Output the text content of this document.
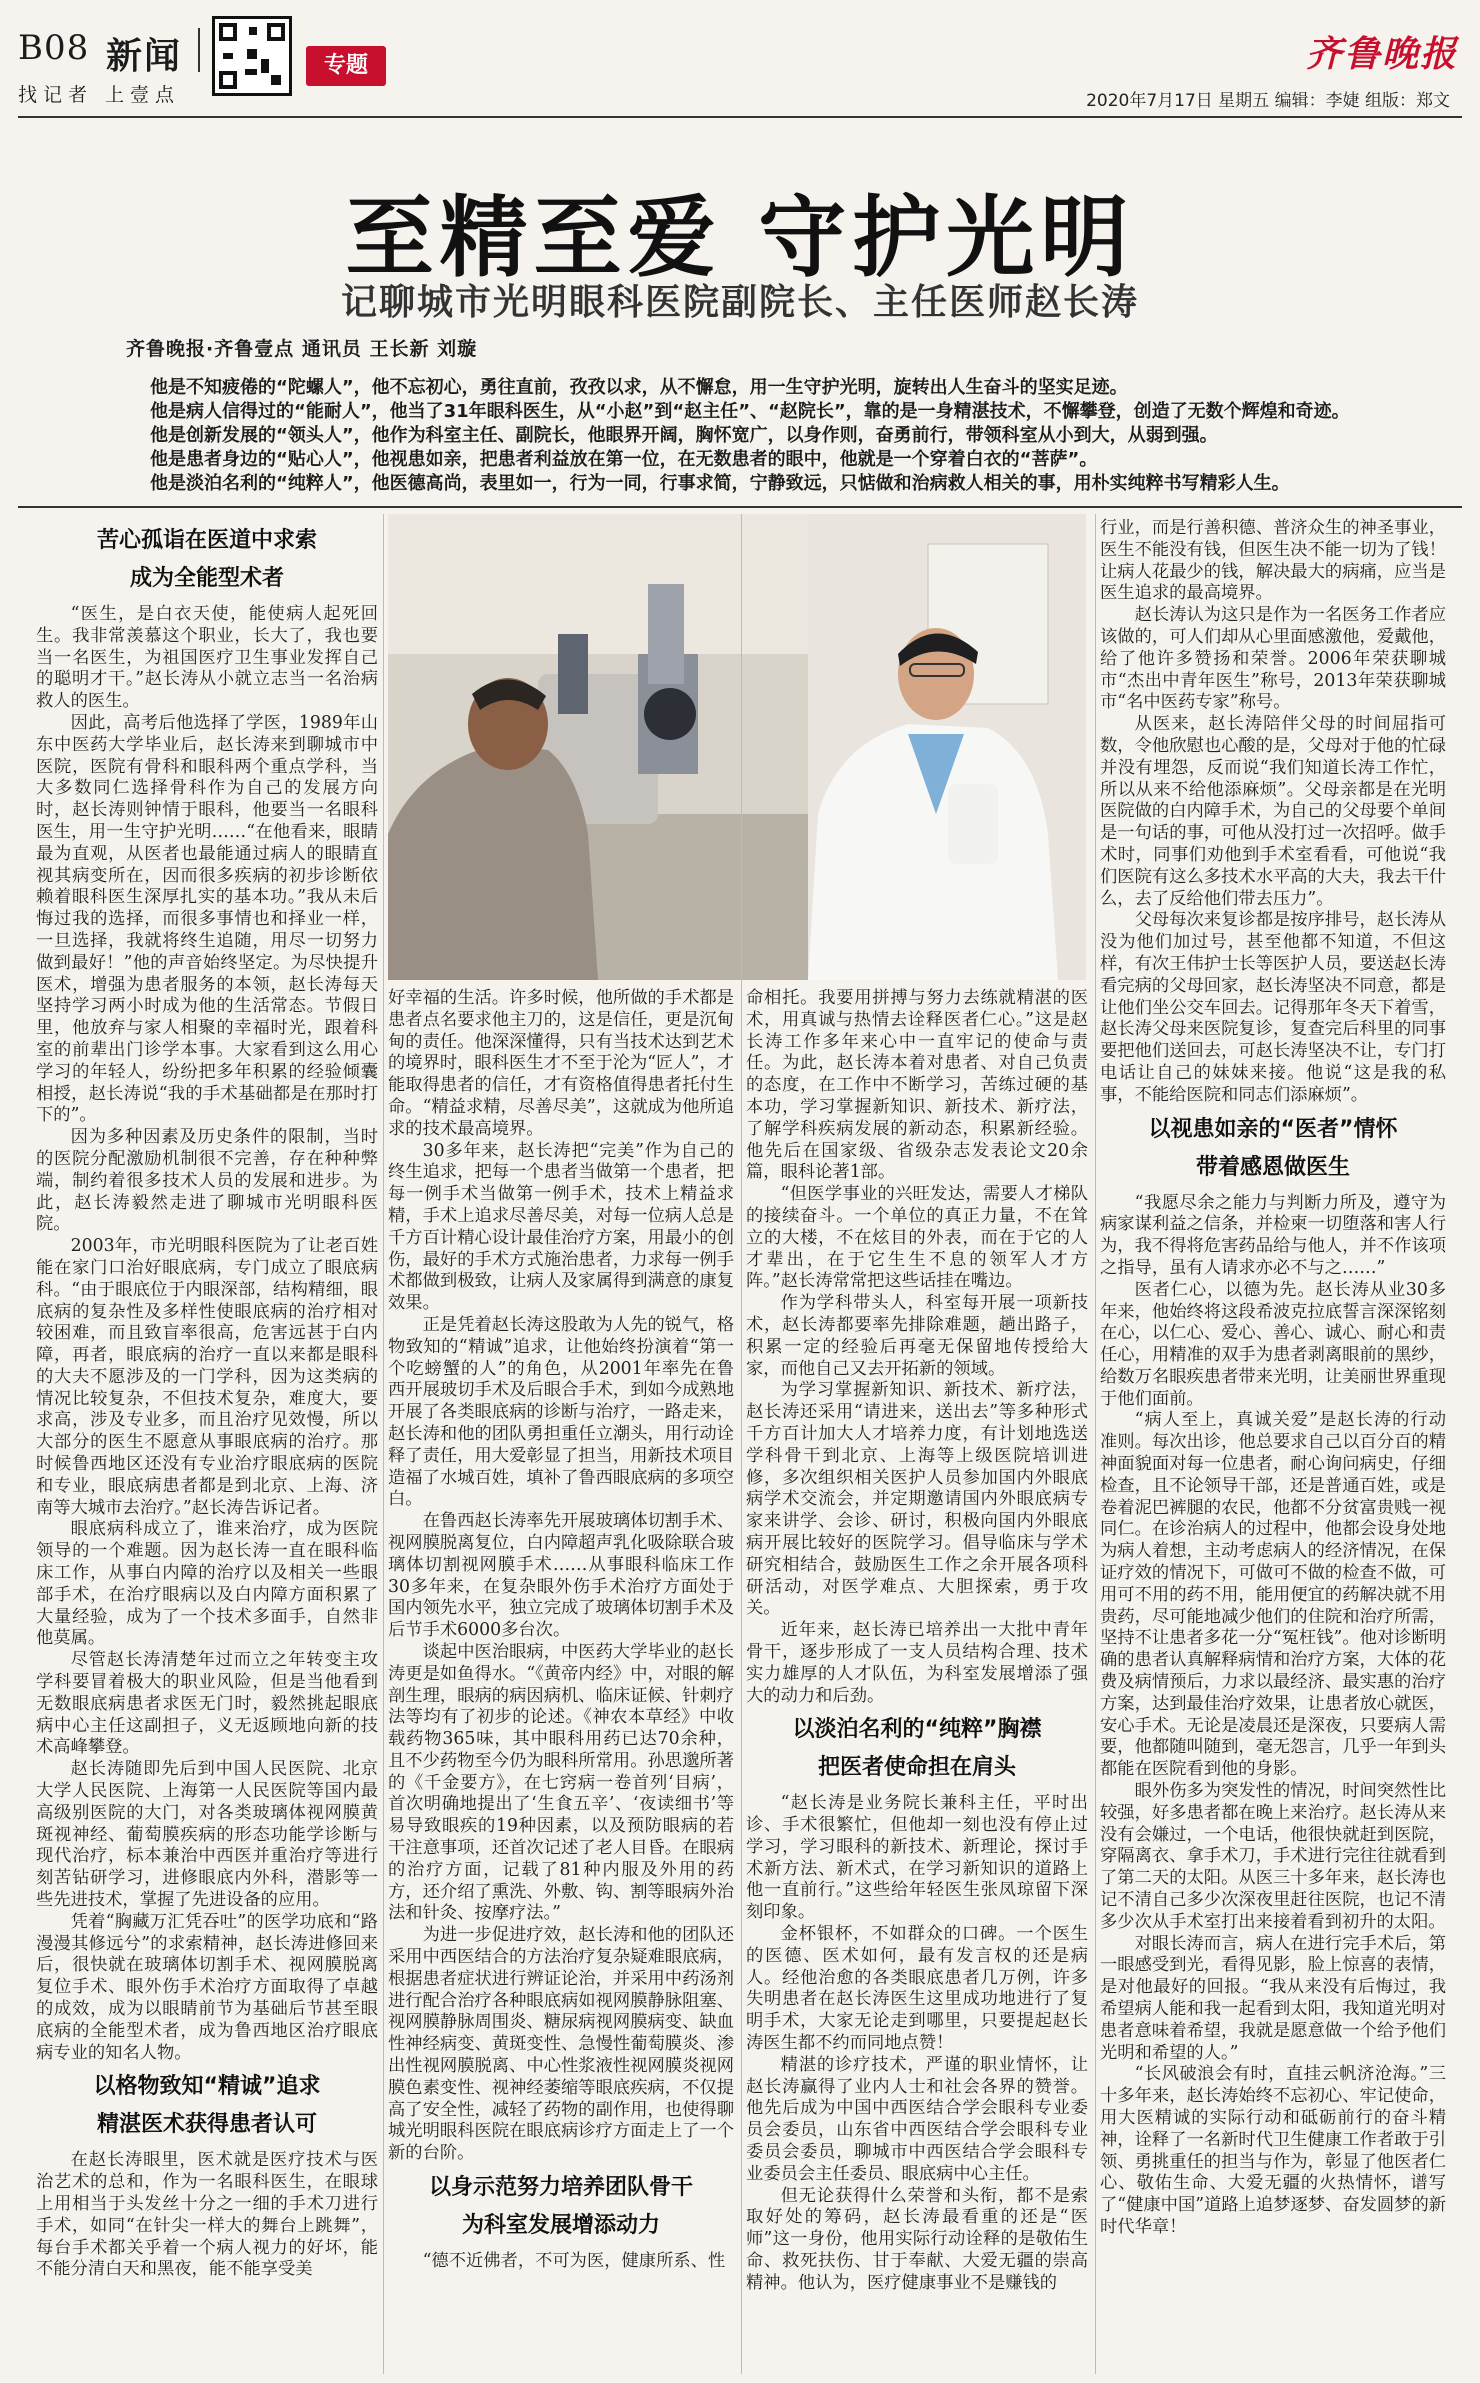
B08 新闻
找记者 上壹点
专题	齐鲁晚报
2020年7月17日 星期五 编辑：李婕 组版：郑文
至精至爱 守护光明
记聊城市光明眼科医院副院长、主任医师赵长涛
齐鲁晚报·齐鲁壹点 通讯员 王长新 刘璇
他是不知疲倦的“陀螺人”，他不忘初心，勇往直前，孜孜以求，从不懈怠，用一生守护光明，旋转出人生奋斗的坚实足迹。
他是病人信得过的“能耐人”，他当了31年眼科医生，从“小赵”到“赵主任”、“赵院长”，靠的是一身精湛技术，不懈攀登，创造了无数个辉煌和奇迹。
他是创新发展的“领头人”，他作为科室主任、副院长，他眼界开阔，胸怀宽广，以身作则，奋勇前行，带领科室从小到大，从弱到强。
他是患者身边的“贴心人”，他视患如亲，把患者利益放在第一位，在无数患者的眼中，他就是一个穿着白衣的“菩萨”。
他是淡泊名利的“纯粹人”，他医德高尚，表里如一，行为一同，行事求简，宁静致远，只惦做和治病救人相关的事，用朴实纯粹书写精彩人生。
苦心孤诣在医道中求索
成为全能型术者

“医生，是白衣天使，能使病人起死回生。我非常羡慕这个职业，长大了，我也要当一名医生，为祖国医疗卫生事业发挥自己的聪明才干。”赵长涛从小就立志当一名治病救人的医生。

因此，高考后他选择了学医，1989年山东中医药大学毕业后，赵长涛来到聊城市中医院，医院有骨科和眼科两个重点学科，当大多数同仁选择骨科作为自己的发展方向时，赵长涛则钟情于眼科，他要当一名眼科医生，用一生守护光明……“在他看来，眼睛最为直观，从医者也最能通过病人的眼睛直视其病变所在，因而很多疾病的初步诊断依赖着眼科医生深厚扎实的基本功。”我从未后悔过我的选择，而很多事情也和择业一样，一旦选择，我就将终生追随，用尽一切努力做到最好！”他的声音始终坚定。为尽快提升医术，增强为患者服务的本领，赵长涛每天坚持学习两小时成为他的生活常态。节假日里，他放弃与家人相聚的幸福时光，跟着科室的前辈出门诊学本事。大家看到这么用心学习的年轻人，纷纷把多年积累的经验倾囊相授，赵长涛说“我的手术基础都是在那时打下的”。

因为多种因素及历史条件的限制，当时的医院分配激励机制很不完善，存在种种弊端，制约着很多技术人员的发展和进步。为此，赵长涛毅然走进了聊城市光明眼科医院。

2003年，市光明眼科医院为了让老百姓能在家门口治好眼底病，专门成立了眼底病科。“由于眼底位于内眼深部，结构精细，眼底病的复杂性及多样性使眼底病的治疗相对较困难，而且致盲率很高，危害远甚于白内障，再者，眼底病的治疗一直以来都是眼科的大夫不愿涉及的一门学科，因为这类病的情况比较复杂，不但技术复杂，难度大，要求高，涉及专业多，而且治疗见效慢，所以大部分的医生不愿意从事眼底病的治疗。那时候鲁西地区还没有专业治疗眼底病的医院和专业，眼底病患者都是到北京、上海、济南等大城市去治疗。”赵长涛告诉记者。

眼底病科成立了，谁来治疗，成为医院领导的一个难题。因为赵长涛一直在眼科临床工作，从事白内障的治疗以及相关一些眼部手术，在治疗眼病以及白内障方面积累了大量经验，成为了一个技术多面手，自然非他莫属。

尽管赵长涛清楚年过而立之年转变主攻学科要冒着极大的职业风险，但是当他看到无数眼底病患者求医无门时，毅然挑起眼底病中心主任这副担子，义无返顾地向新的技术高峰攀登。

赵长涛随即先后到中国人民医院、北京大学人民医院、上海第一人民医院等国内最高级别医院的大门，对各类玻璃体视网膜黄斑视神经、葡萄膜疾病的形态功能学诊断与现代治疗，标本兼治中西医并重治疗等进行刻苦钻研学习，进修眼底内外科，潜影等一些先进技术，掌握了先进设备的应用。

凭着“胸藏万汇凭吞吐”的医学功底和“路漫漫其修远兮”的求索精神，赵长涛进修回来后，很快就在玻璃体切割手术、视网膜脱离复位手术、眼外伤手术治疗方面取得了卓越的成效，成为以眼睛前节为基础后节甚至眼底病的全能型术者，成为鲁西地区治疗眼底病专业的知名人物。

以格物致知“精诚”追求
精湛医术获得患者认可

在赵长涛眼里，医术就是医疗技术与医治艺术的总和，作为一名眼科医生，在眼球上用相当于头发丝十分之一细的手术刀进行手术，如同“在针尖一样大的舞台上跳舞”，每台手术都关乎着一个病人视力的好坏，能不能分清白天和黑夜，能不能享受美

好幸福的生活。许多时候，他所做的手术都是患者点名要求他主刀的，这是信任，更是沉甸甸的责任。他深深懂得，只有当技术达到艺术的境界时，眼科医生才不至于沦为“匠人”，才能取得患者的信任，才有资格值得患者托付生命。“精益求精，尽善尽美”，这就成为他所追求的技术最高境界。

30多年来，赵长涛把“完美”作为自己的终生追求，把每一个患者当做第一个患者，把每一例手术当做第一例手术，技术上精益求精，手术上追求尽善尽美，对每一位病人总是千方百计精心设计最佳治疗方案，用最小的创伤，最好的手术方式施治患者，力求每一例手术都做到极致，让病人及家属得到满意的康复效果。

正是凭着赵长涛这股敢为人先的锐气，格物致知的“精诚”追求，让他始终扮演着“第一个吃螃蟹的人”的角色，从2001年率先在鲁西开展玻切手术及后眼合手术，到如今成熟地开展了各类眼底病的诊断与治疗，一路走来，赵长涛和他的团队勇担重任立潮头，用行动诠释了责任，用大爱彰显了担当，用新技术项目造福了水城百姓，填补了鲁西眼底病的多项空白。

在鲁西赵长涛率先开展玻璃体切割手术、视网膜脱离复位，白内障超声乳化吸除联合玻璃体切割视网膜手术……从事眼科临床工作30多年来，在复杂眼外伤手术治疗方面处于国内领先水平，独立完成了玻璃体切割手术及后节手术6000多台次。

谈起中医治眼病，中医药大学毕业的赵长涛更是如鱼得水。“《黄帝内经》中，对眼的解剖生理，眼病的病因病机、临床证候、针刺疗法等均有了初步的论述。《神农本草经》中收载药物365味，其中眼科用药已达70余种，且不少药物至今仍为眼科所常用。孙思邈所著的《千金要方》，在七窍病一卷首列‘目病’，首次明确地提出了‘生食五辛’、‘夜读细书’等易导致眼疾的19种因素，以及预防眼病的若干注意事项，还首次记述了老人目昏。在眼病的治疗方面，记载了81种内服及外用的药方，还介绍了熏洗、外敷、钩、割等眼病外治法和针灸、按摩疗法。”

为进一步促进疗效，赵长涛和他的团队还采用中西医结合的方法治疗复杂疑难眼底病，根据患者症状进行辨证论治，并采用中药汤剂进行配合治疗各种眼底病如视网膜静脉阻塞、视网膜静脉周围炎、糖尿病视网膜病变、缺血性神经病变、黄斑变性、急慢性葡萄膜炎、渗出性视网膜脱离、中心性浆液性视网膜炎视网膜色素变性、视神经萎缩等眼底疾病，不仅提高了安全性，减轻了药物的副作用，也使得聊城光明眼科医院在眼底病诊疗方面走上了一个新的台阶。

以身示范努力培养团队骨干
为科室发展增添动力

“德不近佛者，不可为医，健康所系、性

命相托。我要用拼搏与努力去练就精湛的医术，用真诚与热情去诠释医者仁心。”这是赵长涛工作多年来心中一直牢记的使命与责任。为此，赵长涛本着对患者、对自己负责的态度，在工作中不断学习，苦练过硬的基本功，学习掌握新知识、新技术、新疗法，了解学科疾病发展的新动态，积累新经验。他先后在国家级、省级杂志发表论文20余篇，眼科论著1部。

“但医学事业的兴旺发达，需要人才梯队的接续奋斗。一个单位的真正力量，不在耸立的大楼，不在炫目的外表，而在于它的人才辈出，在于它生生不息的领军人才方阵。”赵长涛常常把这些话挂在嘴边。

作为学科带头人，科室每开展一项新技术，赵长涛都要率先排除难题，趟出路子，积累一定的经验后再毫无保留地传授给大家，而他自己又去开拓新的领域。

为学习掌握新知识、新技术、新疗法，赵长涛还采用“请进来，送出去”等多种形式千方百计加大人才培养力度，有计划地选送学科骨干到北京、上海等上级医院培训进修，多次组织相关医护人员参加国内外眼底病学术交流会，并定期邀请国内外眼底病专家来讲学、会诊、研讨，积极向国内外眼底病开展比较好的医院学习。倡导临床与学术研究相结合，鼓励医生工作之余开展各项科研活动，对医学难点、大胆探索，勇于攻关。

近年来，赵长涛已培养出一大批中青年骨干，逐步形成了一支人员结构合理、技术实力雄厚的人才队伍，为科室发展增添了强大的动力和后劲。

以淡泊名利的“纯粹”胸襟
把医者使命担在肩头

“赵长涛是业务院长兼科主任，平时出诊、手术很繁忙，但他却一刻也没有停止过学习，学习眼科的新技术、新理论，探讨手术新方法、新术式，在学习新知识的道路上他一直前行。”这些给年轻医生张凤琼留下深刻印象。

金杯银杯，不如群众的口碑。一个医生的医德、医术如何，最有发言权的还是病人。经他治愈的各类眼底患者几万例，许多失明患者在赵长涛医生这里成功地进行了复明手术，大家无论走到哪里，只要提起赵长涛医生都不约而同地点赞！

精湛的诊疗技术，严谨的职业情怀，让赵长涛赢得了业内人士和社会各界的赞誉。他先后成为中国中西医结合学会眼科专业委员会委员，山东省中西医结合学会眼科专业委员会委员，聊城市中西医结合学会眼科专业委员会主任委员、眼底病中心主任。

但无论获得什么荣誉和头衔，都不是索取好处的筹码，赵长涛最看重的还是“医师”这一身份，他用实际行动诠释的是敬佑生命、救死扶伤、甘于奉献、大爱无疆的崇高精神。他认为，医疗健康事业不是赚钱的

行业，而是行善积德、普济众生的神圣事业，医生不能没有钱，但医生决不能一切为了钱！让病人花最少的钱，解决最大的病痛，应当是医生追求的最高境界。

赵长涛认为这只是作为一名医务工作者应该做的，可人们却从心里面感激他，爱戴他，给了他许多赞扬和荣誉。2006年荣获聊城市“杰出中青年医生”称号，2013年荣获聊城市“名中医药专家”称号。

从医来，赵长涛陪伴父母的时间屈指可数，令他欣慰也心酸的是，父母对于他的忙碌并没有埋怨，反而说“我们知道长涛工作忙，所以从来不给他添麻烦”。父母亲都是在光明医院做的白内障手术，为自己的父母要个单间是一句话的事，可他从没打过一次招呼。做手术时，同事们劝他到手术室看看，可他说“我们医院有这么多技术水平高的大夫，我去干什么，去了反给他们带去压力”。

父母每次来复诊都是按序排号，赵长涛从没为他们加过号，甚至他都不知道，不但这样，有次王伟护士长等医护人员，要送赵长涛看完病的父母回家，赵长涛坚决不同意，都是让他们坐公交车回去。记得那年冬天下着雪，赵长涛父母来医院复诊，复查完后科里的同事要把他们送回去，可赵长涛坚决不让，专门打电话让自己的妹妹来接。他说“这是我的私事，不能给医院和同志们添麻烦”。

以视患如亲的“医者”情怀
带着感恩做医生

“我愿尽余之能力与判断力所及，遵守为病家谋利益之信条，并检柬一切堕落和害人行为，我不得将危害药品给与他人，并不作该项之指导，虽有人请求亦必不与之……”

医者仁心，以德为先。赵长涛从业30多年来，他始终将这段希波克拉底誓言深深铭刻在心，以仁心、爱心、善心、诚心、耐心和责任心，用精准的双手为患者剥离眼前的黑纱，给数万名眼疾患者带来光明，让美丽世界重现于他们面前。

“病人至上，真诚关爱”是赵长涛的行动准则。每次出诊，他总要求自己以百分百的精神面貌面对每一位患者，耐心询问病史，仔细检查，且不论领导干部，还是普通百姓，或是卷着泥巴裤腿的农民，他都不分贫富贵贱一视同仁。在诊治病人的过程中，他都会设身处地为病人着想，主动考虑病人的经济情况，在保证疗效的情况下，可做可不做的检查不做，可用可不用的药不用，能用便宜的药解决就不用贵药，尽可能地减少他们的住院和治疗所需，坚持不让患者多花一分“冤枉钱”。他对诊断明确的患者认真解释病情和治疗方案，大体的花费及病情预后，力求以最经济、最实惠的治疗方案，达到最佳治疗效果，让患者放心就医，安心手术。无论是凌晨还是深夜，只要病人需要，他都随叫随到，毫无怨言，几乎一年到头都能在医院看到他的身影。

眼外伤多为突发性的情况，时间突然性比较强，好多患者都在晚上来治疗。赵长涛从来没有会嫌过，一个电话，他很快就赶到医院，穿隔离衣、拿手术刀，手术进行完往往就看到了第二天的太阳。从医三十多年来，赵长涛也记不清自己多少次深夜里赶往医院，也记不清多少次从手术室打出来接着看到初升的太阳。

对眼长涛而言，病人在进行完手术后，第一眼感受到光，看得见影，脸上惊喜的表情，是对他最好的回报。“我从来没有后悔过，我希望病人能和我一起看到太阳，我知道光明对患者意味着希望，我就是愿意做一个给予他们光明和希望的人。”

“长风破浪会有时，直挂云帆济沧海。”三十多年来，赵长涛始终不忘初心、牢记使命，用大医精诚的实际行动和砥砺前行的奋斗精神，诠释了一名新时代卫生健康工作者敢于引领、勇挑重任的担当与作为，彰显了他医者仁心、敬佑生命、大爱无疆的火热情怀，谱写了“健康中国”道路上追梦逐梦、奋发圆梦的新时代华章！
